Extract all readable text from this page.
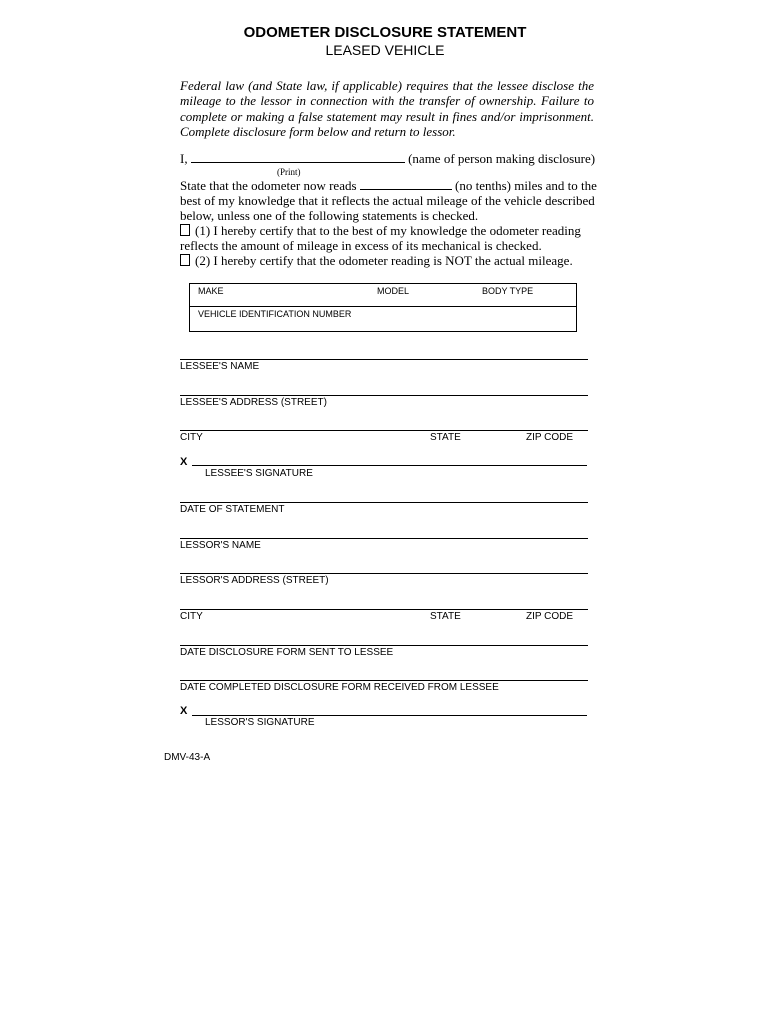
ODOMETER DISCLOSURE STATEMENT
LEASED VEHICLE
Federal law (and State law, if applicable) requires that the lessee disclose the mileage to the lessor in connection with the transfer of ownership. Failure to complete or making a false statement may result in fines and/or imprisonment. Complete disclosure form below and return to lessor.
I,	(name of person making disclosure)
(Print)
State that the odometer now reads	(no tenths) miles and to the
best of my knowledge that it reflects the actual mileage of the vehicle described
below, unless one of the following statements is checked.
(1) I hereby certify that to the best of my knowledge the odometer reading
reflects the amount of mileage in excess of its mechanical is checked.
(2) I hereby certify that the odometer reading is NOT the actual mileage.
MAKE	MODEL	BODY TYPE
VEHICLE IDENTIFICATION NUMBER
LESSEE'S NAME
LESSEE'S ADDRESS (STREET)
CITY	STATE	ZIP CODE
X
LESSEE'S SIGNATURE
DATE OF STATEMENT
LESSOR'S NAME
LESSOR'S ADDRESS (STREET)
CITY	STATE	ZIP CODE
DATE DISCLOSURE FORM SENT TO LESSEE
DATE COMPLETED DISCLOSURE FORM RECEIVED FROM LESSEE
X
LESSOR'S SIGNATURE
DMV-43-A
